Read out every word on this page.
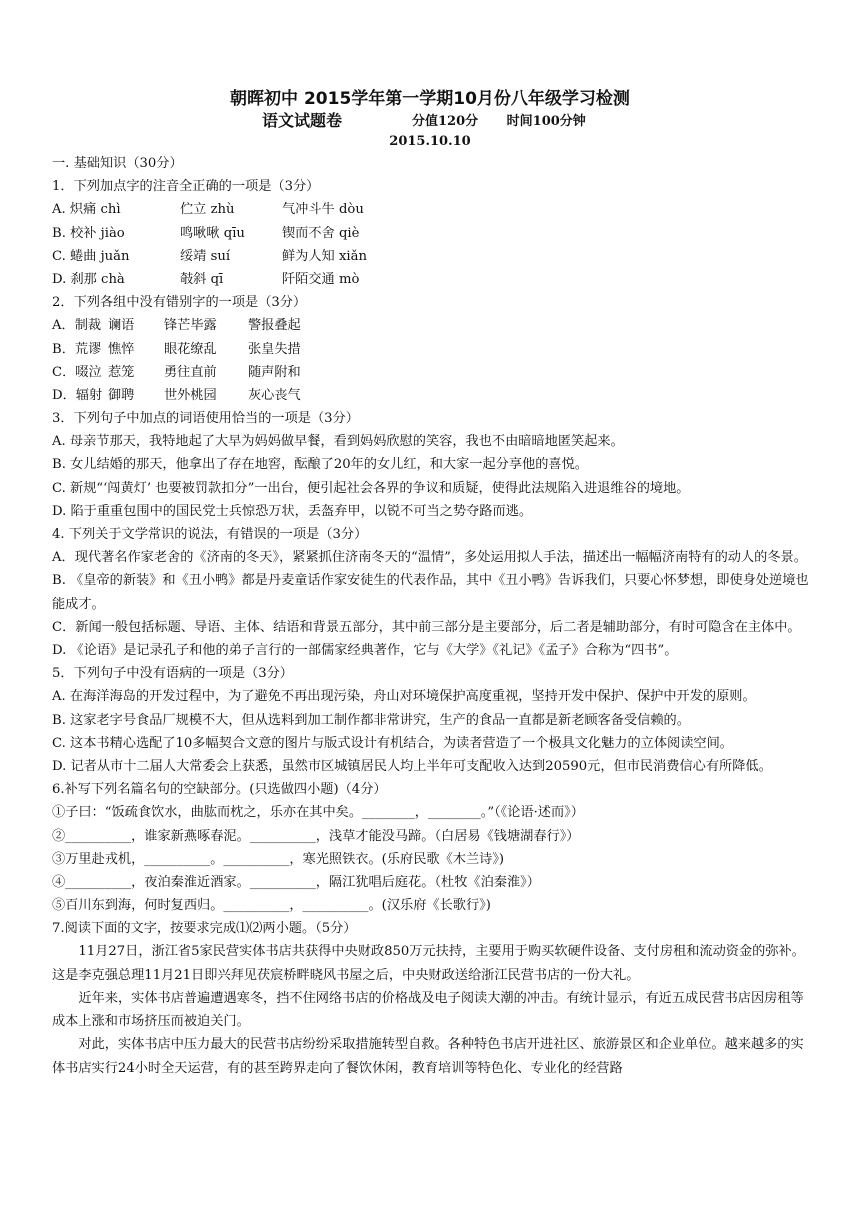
朝晖初中 2015学年第一学期10月份八年级学习检测
语文试题卷	分值120分 时间100分钟
2015.10.10
一. 基础知识（30分）
1．下列加点字的注音全正确的一项是（3分）
A. 炽痛 chì	伫立 zhù	气冲斗牛 dòu
B. 校补 jiào	鸣啾啾 qīu	锲而不舍 qiè
C. 蜷曲 juǎn	绥靖 suí	鲜为人知 xiǎn
D. 刹那 chà	攲斜 qī	阡陌交通 mò
2．下列各组中没有错别字的一项是（3分）
A．制裁 谰语 锋芒毕露 警报叠起
B．荒谬 憔悴 眼花缭乱 张皇失措
C．啜泣 惹笼 勇往直前 随声附和
D．辐射 御聘 世外桃园 灰心丧气
3．下列句子中加点的词语使用恰当的一项是（3分）
A. 母亲节那天，我特地起了大早为妈妈做早餐，看到妈妈欣慰的笑容，我也不由暗暗地匿笑起来。
B. 女儿结婚的那天，他拿出了存在地窖，酝酿了20年的女儿红，和大家一起分享他的喜悦。
C. 新规“‘闯黄灯’ 也要被罚款扣分”一出台，便引起社会各界的争议和质疑，使得此法规陷入进退维谷的境地。
D. 陷于重重包围中的国民党士兵惊恐万状，丢盔弃甲，以锐不可当之势夺路而逃。
4. 下列关于文学常识的说法，有错误的一项是（3分）
A．现代著名作家老舍的《济南的冬天》，紧紧抓住济南冬天的“温情”，多处运用拟人手法，描述出一幅幅济南特有的动人的冬景。
B. 《皇帝的新装》和《丑小鸭》都是丹麦童话作家安徒生的代表作品，其中《丑小鸭》告诉我们，只要心怀梦想，即使身处逆境也能成才。
C．新闻一般包括标题、导语、主体、结语和背景五部分，其中前三部分是主要部分，后二者是辅助部分，有时可隐含在主体中。
D. 《论语》是记录孔子和他的弟子言行的一部儒家经典著作，它与《大学》《礼记》《孟子》合称为“四书”。
5．下列句子中没有语病的一项是（3分）
A. 在海洋海岛的开发过程中，为了避免不再出现污染，舟山对环境保护高度重视，坚持开发中保护、保护中开发的原则。
B. 这家老字号食品厂规模不大，但从选料到加工制作都非常讲究，生产的食品一直都是新老顾客备受信赖的。
C. 这本书精心选配了10多幅契合文意的图片与版式设计有机结合，为读者营造了一个极具文化魅力的立体阅读空间。
D. 记者从市十二届人大常委会上获悉，虽然市区城镇居民人均上半年可支配收入达到20590元，但市民消费信心有所降低。
6.补写下列名篇名句的空缺部分。(只选做四小题)（4分）
①子曰：“饭疏食饮水，曲肱而枕之，乐亦在其中矣。________，________。”（《论语·述而》）
②__________，谁家新燕啄春泥。__________，浅草才能没马蹄。（白居易《钱塘湖春行》）
③万里赴戎机，__________。__________，寒光照铁衣。(乐府民歌《木兰诗》)
④__________，夜泊秦淮近酒家。__________，隔江犹唱后庭花。（杜牧《泊秦淮》）
⑤百川东到海，何时复西归。__________，__________。(汉乐府《长歌行》)
7.阅读下面的文字，按要求完成⑴⑵两小题。（5分）
11月27日，浙江省5家民营实体书店共获得中央财政850万元扶持，主要用于购买软硬件设备、支付房租和流动资金的弥补。这是李克强总理11月21日即兴拜见茯宸桥畔晓风书屋之后，中央财政送给浙江民营书店的一份大礼。
近年来，实体书店普遍遭遇寒冬，挡不住网络书店的价格战及电子阅读大潮的冲击。有统计显示，有近五成民营书店因房租等成本上涨和市场挤压而被迫关门。
对此，实体书店中压力最大的民营书店纷纷采取措施转型自救。各种特色书店开进社区、旅游景区和企业单位。越来越多的实体书店实行24小时全天运营，有的甚至跨界走向了餐饮休闲，教育培训等特色化、专业化的经营路
